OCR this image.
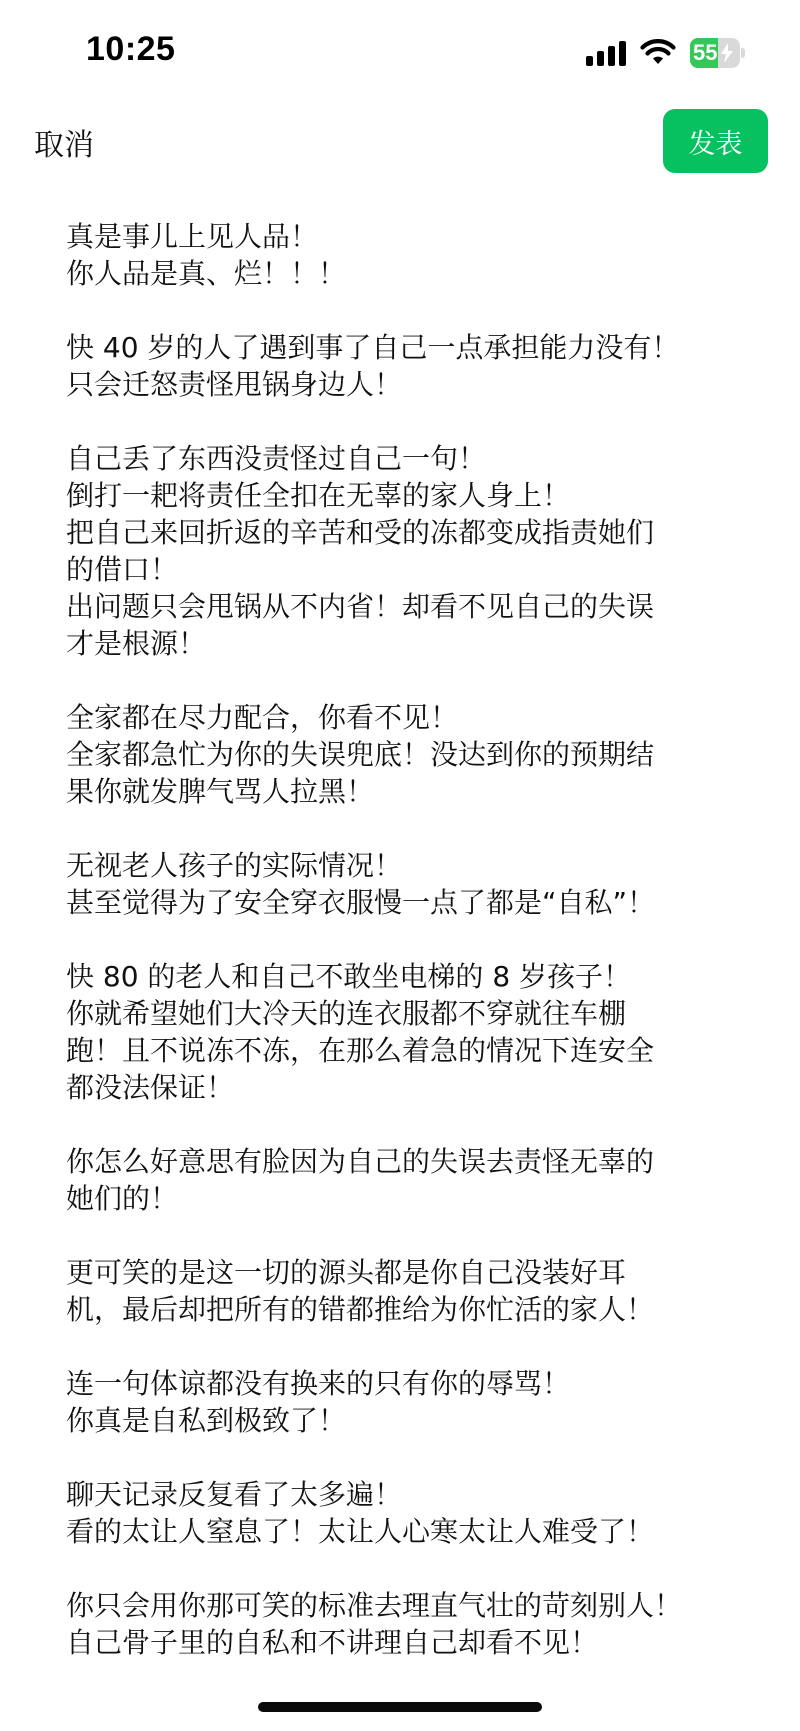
10:25	55
取消	发表
真是事儿上见人品！
你人品是真、烂！！！
快 40 岁的人了遇到事了自己一点承担能力没有！
只会迁怒责怪甩锅身边人！
自己丢了东西没责怪过自己一句！
倒打一耙将责任全扣在无辜的家人身上！
把自己来回折返的辛苦和受的冻都变成指责她们
的借口！
出问题只会甩锅从不内省！却看不见自己的失误
才是根源！
全家都在尽力配合，你看不见！
全家都急忙为你的失误兜底！没达到你的预期结
果你就发脾气骂人拉黑！
无视老人孩子的实际情况！
甚至觉得为了安全穿衣服慢一点了都是“自私”！
快 80 的老人和自己不敢坐电梯的 8 岁孩子！
你就希望她们大冷天的连衣服都不穿就往车棚
跑！且不说冻不冻，在那么着急的情况下连安全
都没法保证！
你怎么好意思有脸因为自己的失误去责怪无辜的
她们的！
更可笑的是这一切的源头都是你自己没装好耳
机，最后却把所有的错都推给为你忙活的家人！
连一句体谅都没有换来的只有你的辱骂！
你真是自私到极致了！
聊天记录反复看了太多遍！
看的太让人窒息了！太让人心寒太让人难受了！
你只会用你那可笑的标准去理直气壮的苛刻别人！
自己骨子里的自私和不讲理自己却看不见！
